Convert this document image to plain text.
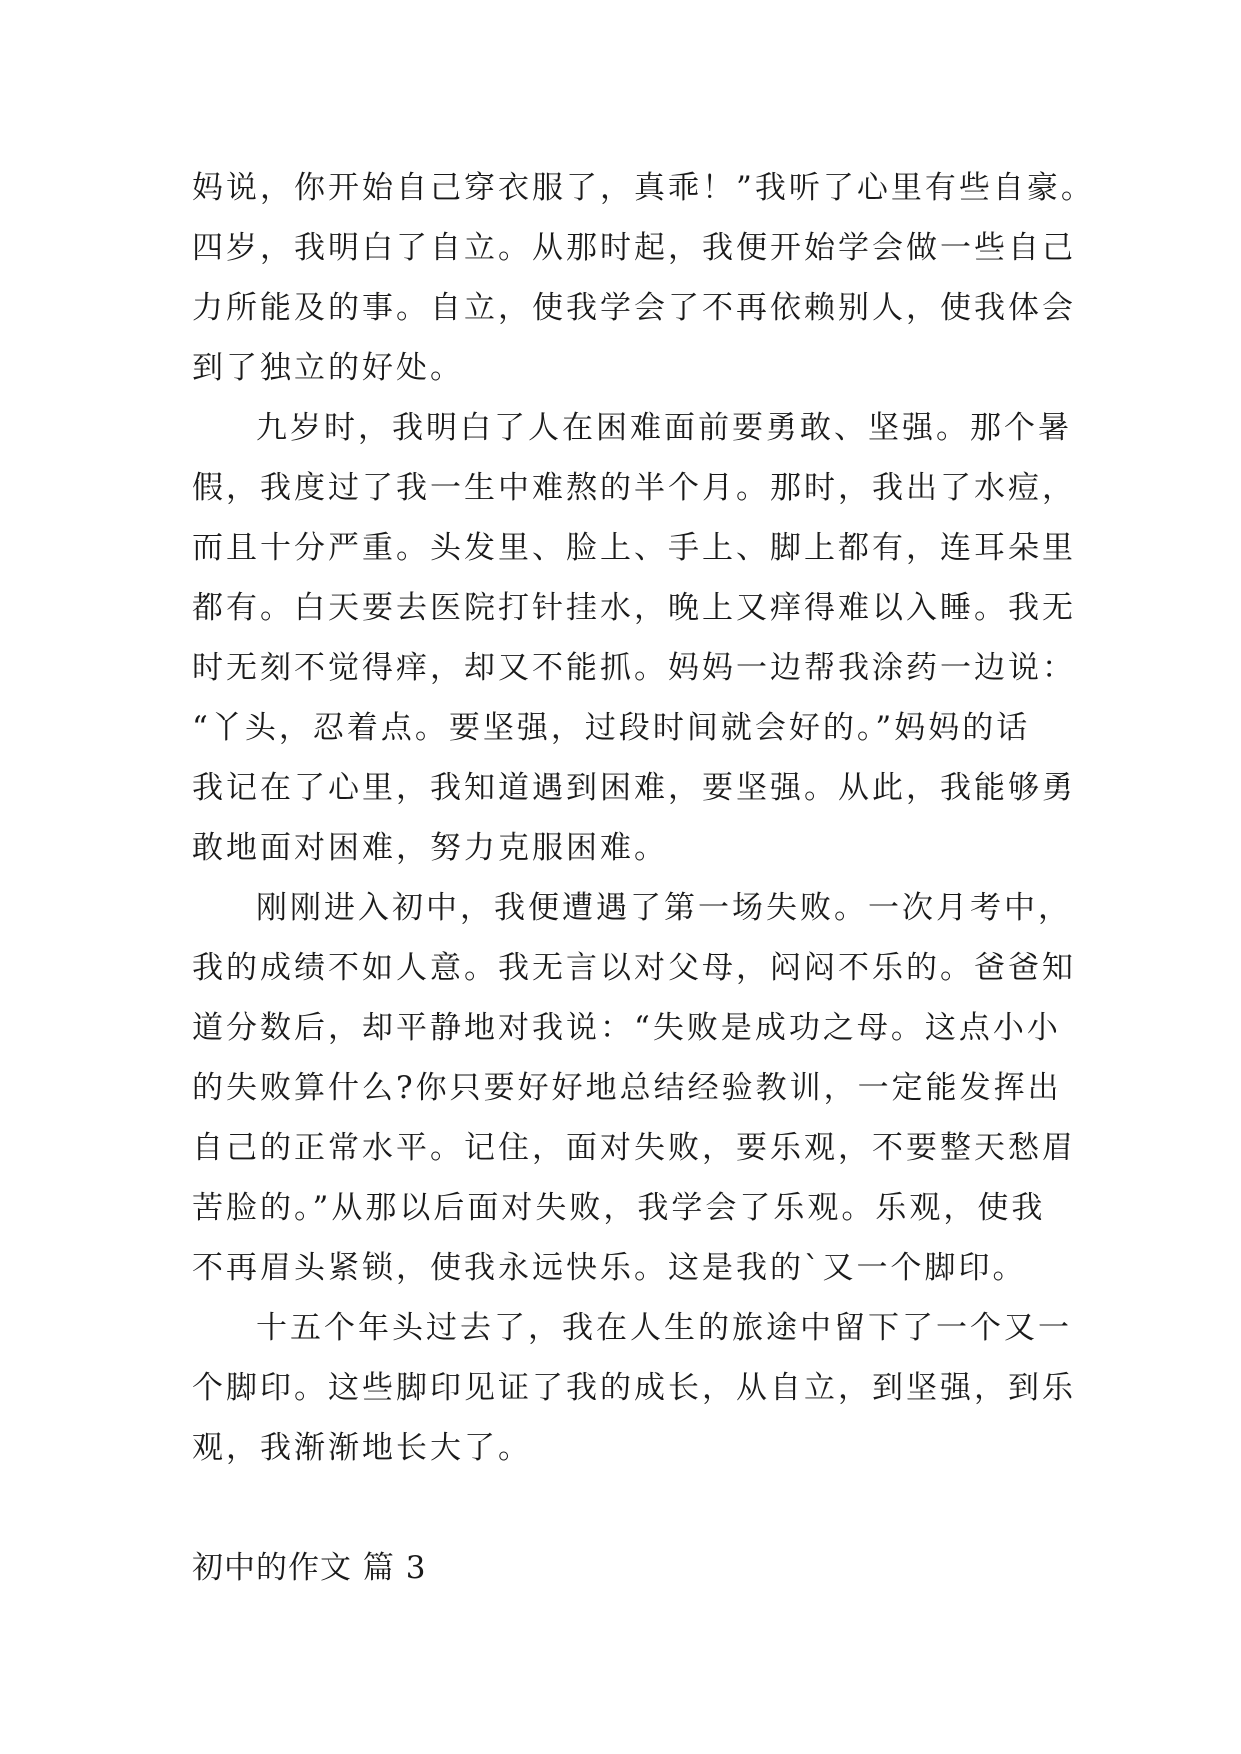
妈说，你开始自己穿衣服了，真乖！”我听了心里有些自豪。
四岁，我明白了自立。从那时起，我便开始学会做一些自己
力所能及的事。自立，使我学会了不再依赖别人，使我体会
到了独立的好处。
九岁时，我明白了人在困难面前要勇敢、坚强。那个暑
假，我度过了我一生中难熬的半个月。那时，我出了水痘，
而且十分严重。头发里、脸上、手上、脚上都有，连耳朵里
都有。白天要去医院打针挂水，晚上又痒得难以入睡。我无
时无刻不觉得痒，却又不能抓。妈妈一边帮我涂药一边说：
“丫头，忍着点。要坚强，过段时间就会好的。”妈妈的话
我记在了心里，我知道遇到困难，要坚强。从此，我能够勇
敢地面对困难，努力克服困难。
刚刚进入初中，我便遭遇了第一场失败。一次月考中，
我的成绩不如人意。我无言以对父母，闷闷不乐的。爸爸知
道分数后，却平静地对我说：“失败是成功之母。这点小小
的失败算什么?你只要好好地总结经验教训，一定能发挥出
自己的正常水平。记住，面对失败，要乐观，不要整天愁眉
苦脸的。”从那以后面对失败，我学会了乐观。乐观，使我
不再眉头紧锁，使我永远快乐。这是我的`又一个脚印。
十五个年头过去了，我在人生的旅途中留下了一个又一
个脚印。这些脚印见证了我的成长，从自立，到坚强，到乐
观，我渐渐地长大了。
初中的作文 篇 3
